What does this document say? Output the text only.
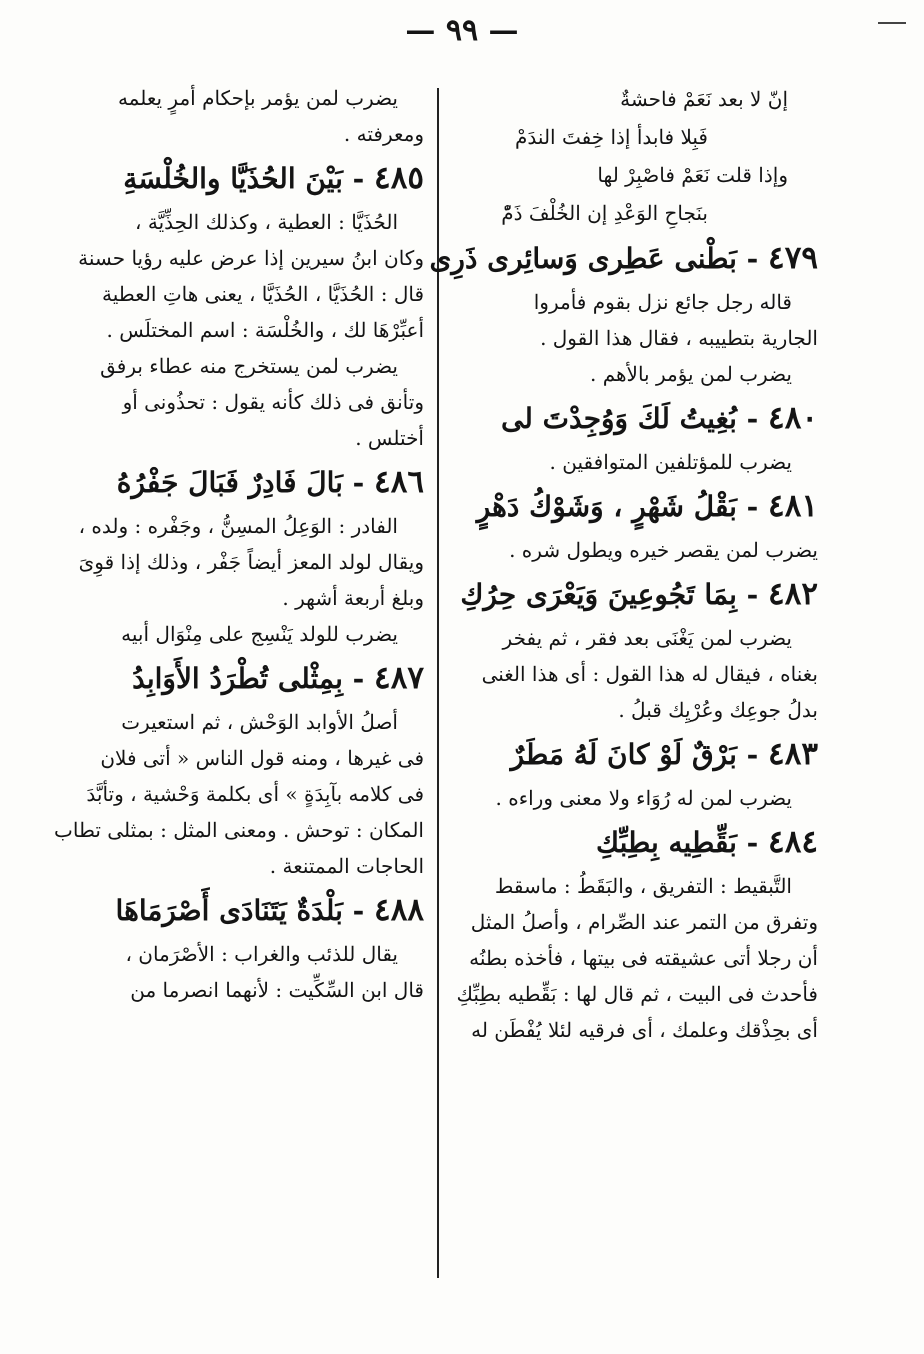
— ٩٩ —
إنّ لا بعد نَعَمْ فاحشةٌ
فَبِلا فابدأ إذا خِفتَ الندَمْ
وإذا قلت نَعَمْ فاصْبِرْ لها
بنَجاحِ الوَعْدِ إن الخُلْفَ ذَمّْ
٤٧٩ - بَطْنى عَطِرى وَسائِرى ذَرِى
قاله رجل جائع نزل بقوم فأمروا
الجارية بتطييبه ، فقال هذا القول .
يضرب لمن يؤمر بالأهم .
٤٨٠ - بُغِيتُ لَكَ وَوُجِدْتَ لى
يضرب للمؤتلفين المتوافقين .
٤٨١ - بَقْلُ شَهْرٍ ، وَشَوْكُ دَهْرٍ
يضرب لمن يقصر خيره ويطول شره .
٤٨٢ - بِمَا تَجُوعِينَ وَيَعْرَى حِرُكِ
يضرب لمن يَغْنَى بعد فقر ، ثم يفخر
بغناه ، فيقال له هذا القول : أى هذا الغنى
بدلُ جوعِك وعُرْيِك قبلُ .
٤٨٣ - بَرْقٌ لَوْ كانَ لَهُ مَطَرٌ
يضرب لمن له رُوَاء ولا معنى وراءه .
٤٨٤ - بَقِّطِيه بِطِبِّكِ
التَّبقيط : التفريق ، والبَقَطُ : ماسقط
وتفرق من التمر عند الصِّرام ، وأصلُ المثل
أن رجلا أتى عشيقته فى بيتها ، فأخذه بطنُه
فأحدث فى البيت ، ثم قال لها : بَقِّطيه بطِبِّكِ
أى بحِذْقك وعلمك ، أى فرقيه لئلا يُفْطَن له
يضرب لمن يؤمر بإحكام أمرٍ يعلمه
ومعرفته .
٤٨٥ - بَيْنَ الحُذَيَّا والخُلْسَةِ
الحُذَيَّا : العطية ، وكذلك الحِذِّيَّة ،
وكان ابنُ سيرين إذا عرض عليه رؤيا حسنة
قال : الحُذَيَّا ، الحُذَيَّا ، يعنى هاتِ العطية
أعبِّرْهَا لك ، والخُلْسَة : اسم المختلَس .
يضرب لمن يستخرج منه عطاء برفق
وتأنق فى ذلك كأنه يقول : تحذُونى أو
أختلس .
٤٨٦ - بَالَ فَادِرٌ فَبَالَ جَفْرُهُ
الفادر : الوَعِلُ المسِنُّ ، وجَفْره : ولده ،
ويقال لولد المعز أيضاً جَفْر ، وذلك إذا قوِىَ
وبلغ أربعة أشهر .
يضرب للولد يَنْسِج على مِنْوَال أبيه
٤٨٧ - بِمِثْلى تُطْرَدُ الأَوَابِدُ
أصلُ الأوابد الوَحْش ، ثم استعيرت
فى غيرها ، ومنه قول الناس « أتى فلان
فى كلامه بآبِدَةٍ » أى بكلمة وَحْشية ، وتأبَّدَ
المكان : توحش . ومعنى المثل : بمثلى تطاب
الحاجات الممتنعة .
٤٨٨ - بَلْدَةٌ يَتَنَادَى أَصْرَمَاهَا
يقال للذئب والغراب : الأصْرَمان ،
قال ابن السِّكِّيت : لأنهما انصرما من
